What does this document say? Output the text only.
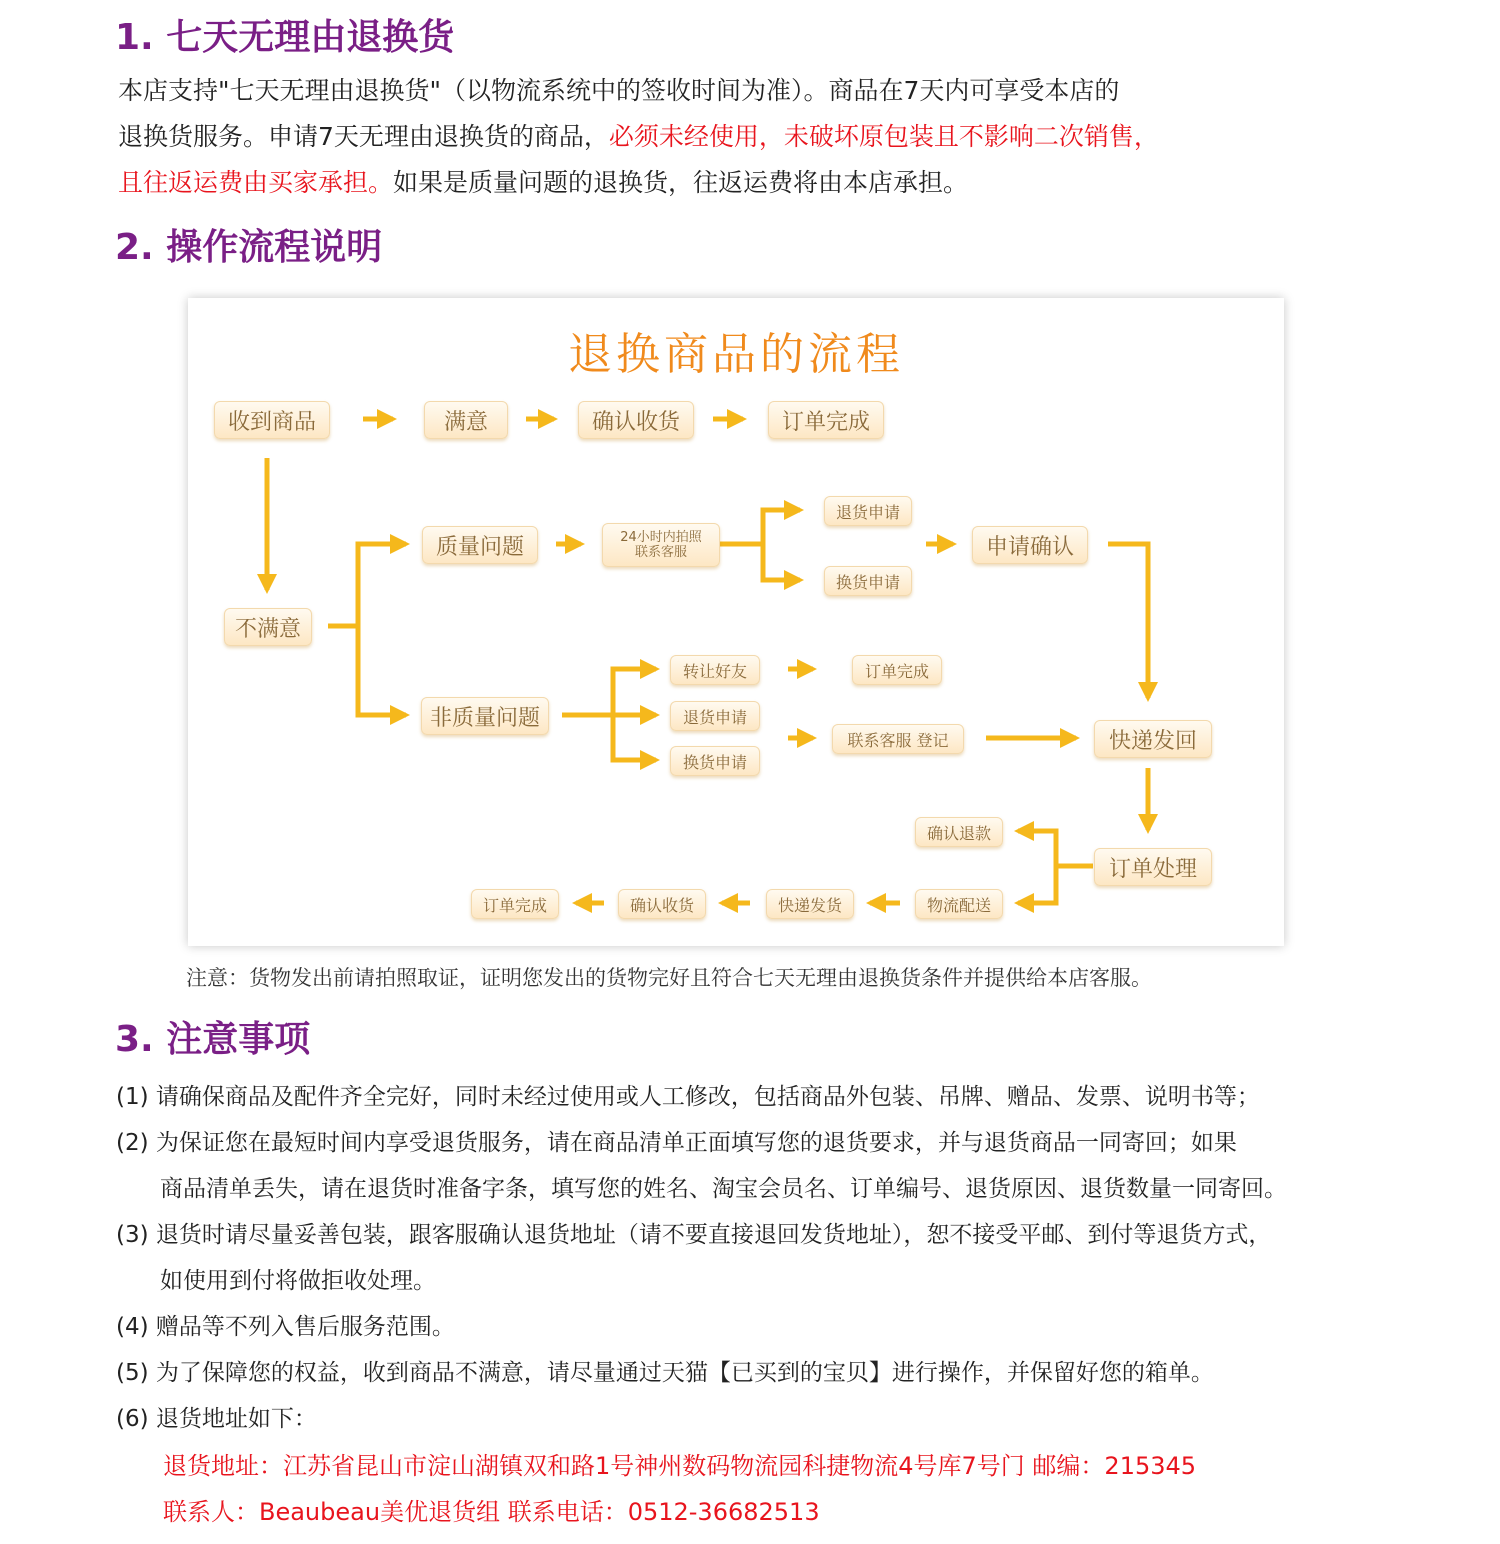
1. 七天无理由退换货
本店支持"七天无理由退换货"（以物流系统中的签收时间为准）。商品在7天内可享受本店的
退换货服务。申请7天无理由退换货的商品，必须未经使用，未破坏原包装且不影响二次销售，
且往返运费由买家承担。如果是质量问题的退换货，往返运费将由本店承担。
2. 操作流程说明
退换商品的流程
收到商品	满意	确认收货	订单完成
不满意
质量问题	24小时内拍照
联系客服
退货申请
换货申请
申请确认
非质量问题
转让好友
退货申请
换货申请
订单完成
联系客服 登记	快递发回
订单处理
确认退款
物流配送
快递发货
确认收货
订单完成
注意：货物发出前请拍照取证，证明您发出的货物完好且符合七天无理由退换货条件并提供给本店客服。
3. 注意事项
(1) 请确保商品及配件齐全完好，同时未经过使用或人工修改，包括商品外包装、吊牌、赠品、发票、说明书等；
(2) 为保证您在最短时间内享受退货服务，请在商品清单正面填写您的退货要求，并与退货商品一同寄回；如果
商品清单丢失，请在退货时准备字条，填写您的姓名、淘宝会员名、订单编号、退货原因、退货数量一同寄回。
(3) 退货时请尽量妥善包装，跟客服确认退货地址（请不要直接退回发货地址），恕不接受平邮、到付等退货方式，
如使用到付将做拒收处理。
(4) 赠品等不列入售后服务范围。
(5) 为了保障您的权益，收到商品不满意，请尽量通过天猫【已买到的宝贝】进行操作，并保留好您的箱单。
(6) 退货地址如下：
退货地址：江苏省昆山市淀山湖镇双和路1号神州数码物流园科捷物流4号库7号门 邮编：215345
联系人：Beaubeau美优退货组 联系电话：0512-36682513
